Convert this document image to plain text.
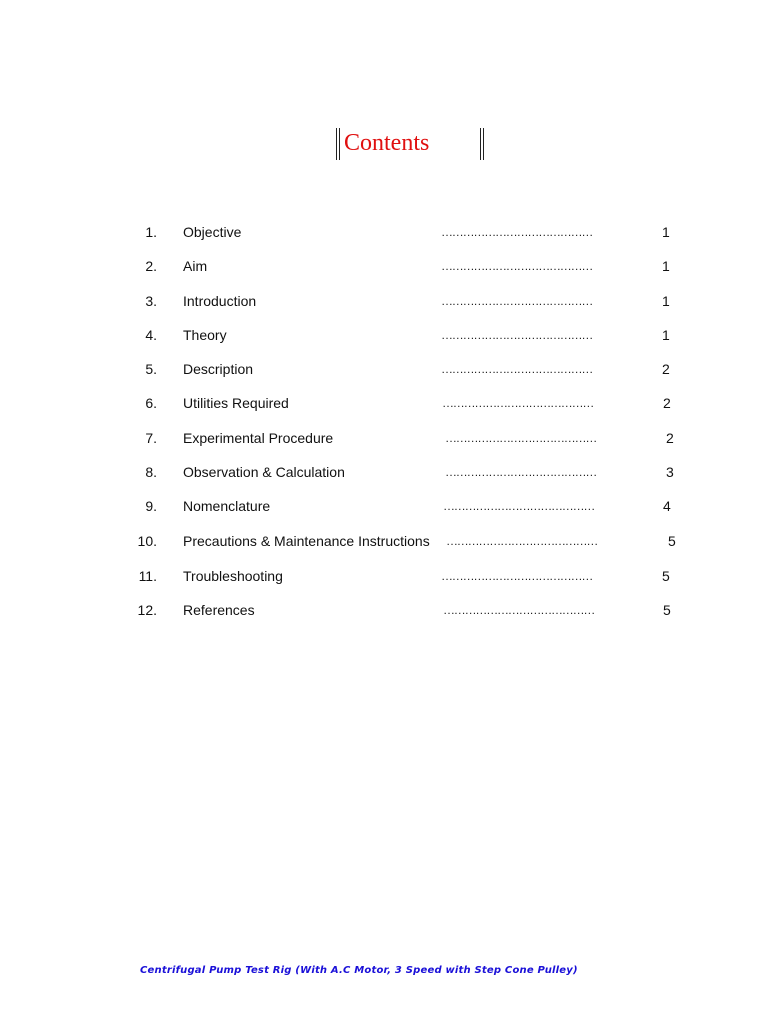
Contents
1. Objective	……………………………………	1
2. Aim	……………………………………	1
3. Introduction	……………………………………	1
4. Theory	……………………………………	1
5. Description	……………………………………	2
6. Utilities Required	……………………………………	2
7. Experimental Procedure	……………………………………	2
8. Observation & Calculation	……………………………………	3
9. Nomenclature	……………………………………	4
10. Precautions & Maintenance Instructions ……………………………………	5
11. Troubleshooting	……………………………………	5
12. References	……………………………………	5
Centrifugal Pump Test Rig (With A.C Motor, 3 Speed with Step Cone Pulley)
